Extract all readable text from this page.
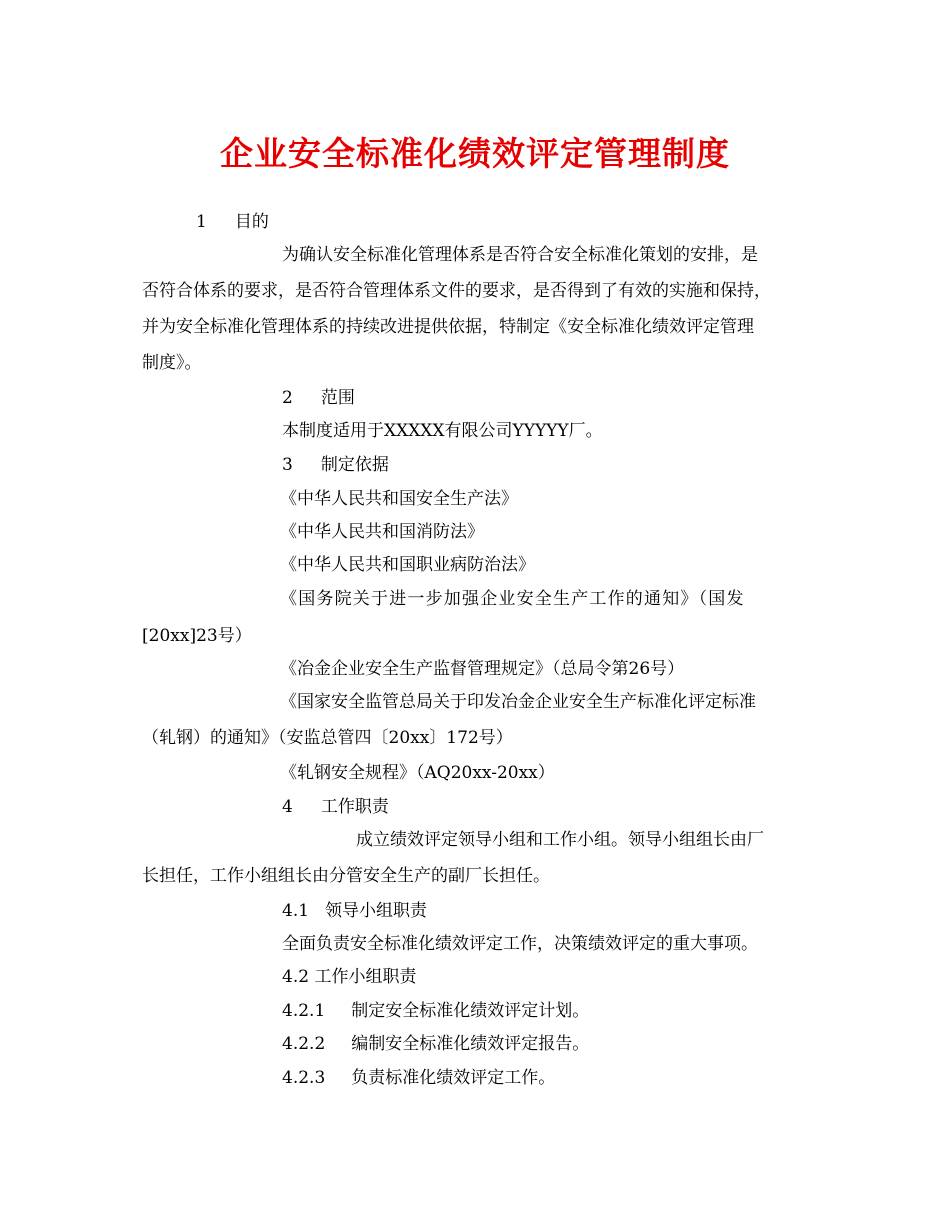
企业安全标准化绩效评定管理制度
1 目的
为确认安全标准化管理体系是否符合安全标准化策划的安排，是
否符合体系的要求，是否符合管理体系文件的要求，是否得到了有效的实施和保持，
并为安全标准化管理体系的持续改进提供依据，特制定《安全标准化绩效评定管理
制度》。
2 范围
本制度适用于XXXXX有限公司YYYYY厂。
3 制定依据
《中华人民共和国安全生产法》
《中华人民共和国消防法》
《中华人民共和国职业病防治法》
《国务院关于进一步加强企业安全生产工作的通知》（国发
[20xx]23号）
《冶金企业安全生产监督管理规定》（总局令第26号）
《国家安全监管总局关于印发冶金企业安全生产标准化评定标准
（轧钢）的通知》（安监总管四〔20xx〕172号）
《轧钢安全规程》（AQ20xx-20xx）
4 工作职责
成立绩效评定领导小组和工作小组。领导小组组长由厂
长担任，工作小组组长由分管安全生产的副厂长担任。
4.1 领导小组职责
全面负责安全标准化绩效评定工作，决策绩效评定的重大事项。
4.2 工作小组职责
4.2.1 制定安全标准化绩效评定计划。
4.2.2 编制安全标准化绩效评定报告。
4.2.3 负责标准化绩效评定工作。
